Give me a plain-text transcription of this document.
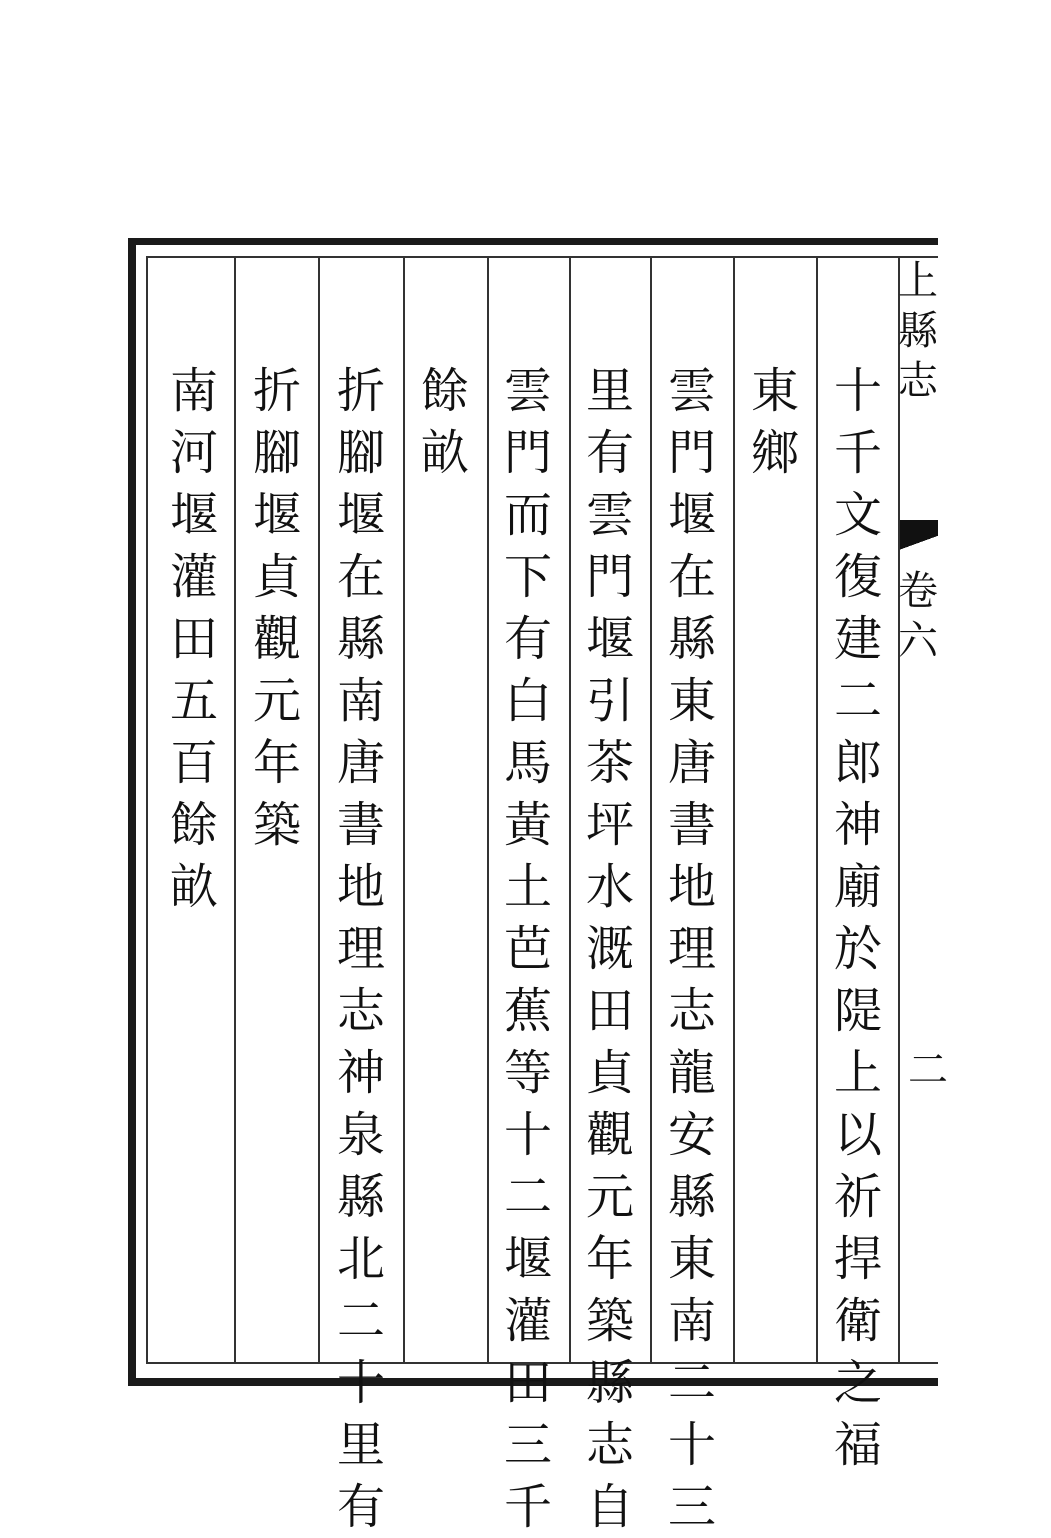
十
千
文
復
建
二
郎
神
廟
於
隄
上
以
祈
捍
衛
之
福
東
鄉
雲
門
堰
在
縣
東
唐
書
地
理
志
龍
安
縣
東
南
二
十
三
里
有
雲
門
堰
引
茶
坪
水
溉
田
貞
觀
元
年
築
縣
志
自
雲
門
而
下
有
白
馬
黃
土
芭
蕉
等
十
二
堰
灌
田
三
千
餘
畝
折
腳
堰
在
縣
南
唐
書
地
理
志
神
泉
縣
北
二
十
里
有
折
腳
堰
貞
觀
元
年
築
南
河
堰
灌
田
五
百
餘
畝
上
縣
志
卷
六
二
